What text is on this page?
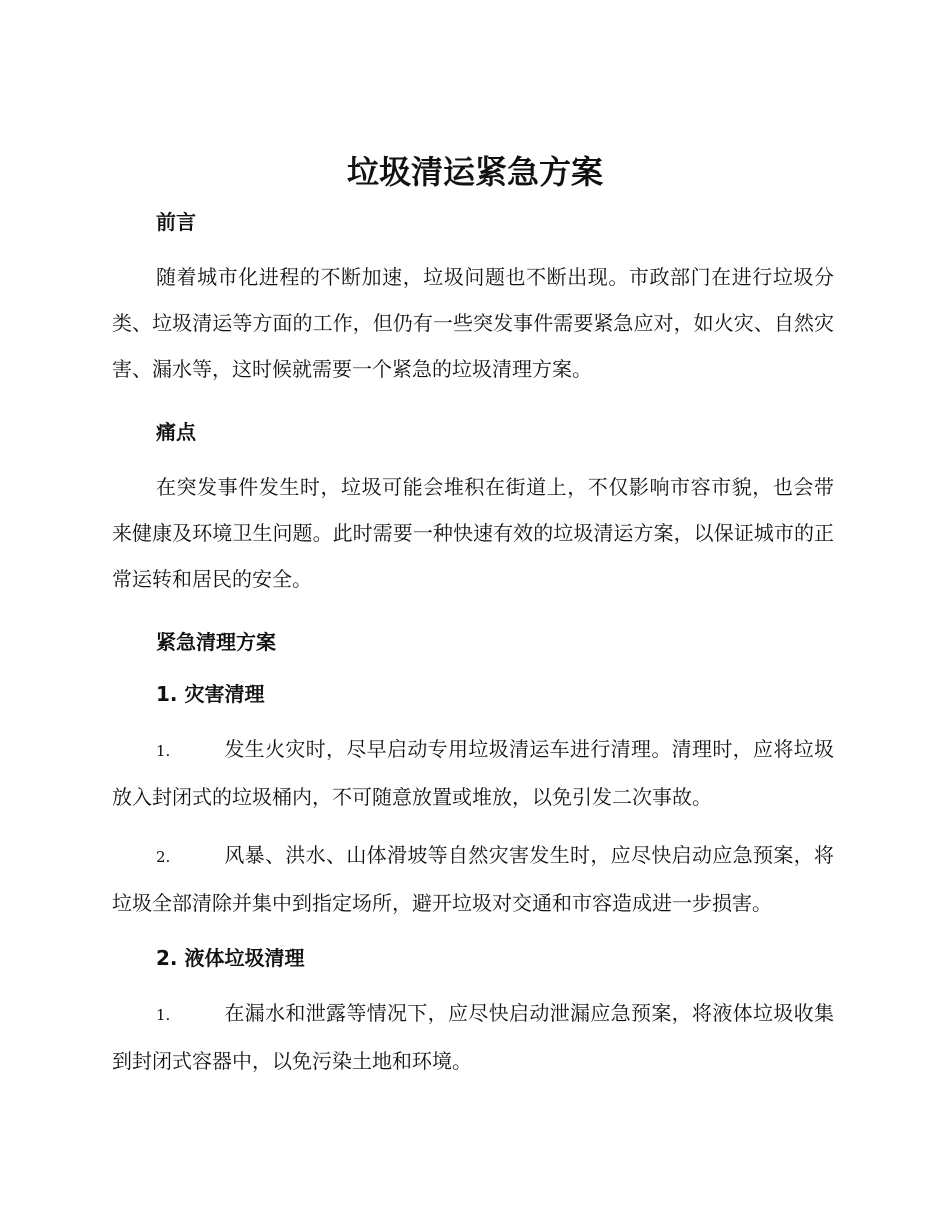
垃圾清运紧急方案

前言

随着城市化进程的不断加速，垃圾问题也不断出现。市政部门在进行垃圾分类、垃圾清运等方面的工作，但仍有一些突发事件需要紧急应对，如火灾、自然灾害、漏水等，这时候就需要一个紧急的垃圾清理方案。

痛点

在突发事件发生时，垃圾可能会堆积在街道上，不仅影响市容市貌，也会带来健康及环境卫生问题。此时需要一种快速有效的垃圾清运方案，以保证城市的正常运转和居民的安全。

紧急清理方案

1. 灾害清理

1.	发生火灾时，尽早启动专用垃圾清运车进行清理。清理时，应将垃圾放入封闭式的垃圾桶内，不可随意放置或堆放，以免引发二次事故。

2.	风暴、洪水、山体滑坡等自然灾害发生时，应尽快启动应急预案，将垃圾全部清除并集中到指定场所，避开垃圾对交通和市容造成进一步损害。

2. 液体垃圾清理

1.	在漏水和泄露等情况下，应尽快启动泄漏应急预案，将液体垃圾收集到封闭式容器中，以免污染土地和环境。
